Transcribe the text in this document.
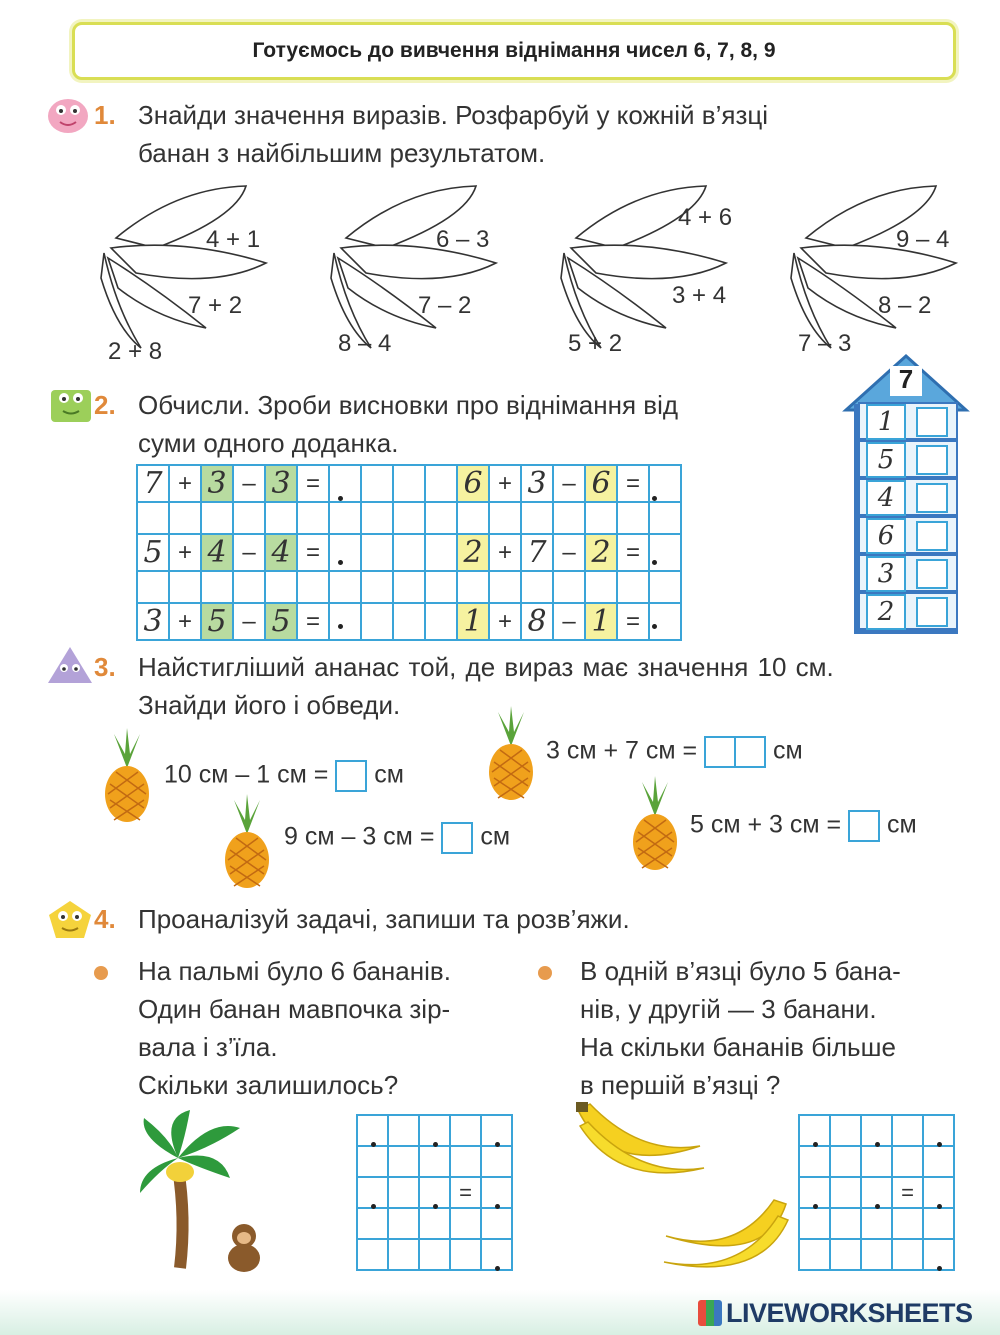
Готуємось до вивчення віднімання чисел 6, 7, 8, 9
1. Знайди значення виразів. Розфарбуй у кожній в’язці
банан з найбільшим результатом.
4 + 1
7 + 2
2 + 8
6 – 3
7 – 2
8 – 4
4 + 6
3 + 4
5 + 2
9 – 4
8 – 2
7 – 3
2. Обчисли. Зроби висновки про віднімання від
суми одного доданка.
7	+	3	–	3	=					6	+	3	–	6	=	

5	+	4	–	4	=					2	+	7	–	2	=	

3	+	5	–	5	=					1	+	8	–	1	=	
7
1
5
4
6
3
2
3. Найстигліший ананас той, де вираз має значення 10 см.
Знайди його і обведи.
10 см – 1 см = см
3 см + 7 см =	см
9 см – 3 см = см	5 см + 3 см = см
4. Проаналізуй задачі, запиши та розв’яжи.
На пальмі було 6 бананів.
Один банан мавпочка зір-
вала і з’їла.
Скільки залишилось?
В одній в’язці було 5 бана-
нів, у другій — 3 банани.
На скільки бананів більше
в першій в’язці ?

			=	

				=	

LIVEWORKSHEETS
